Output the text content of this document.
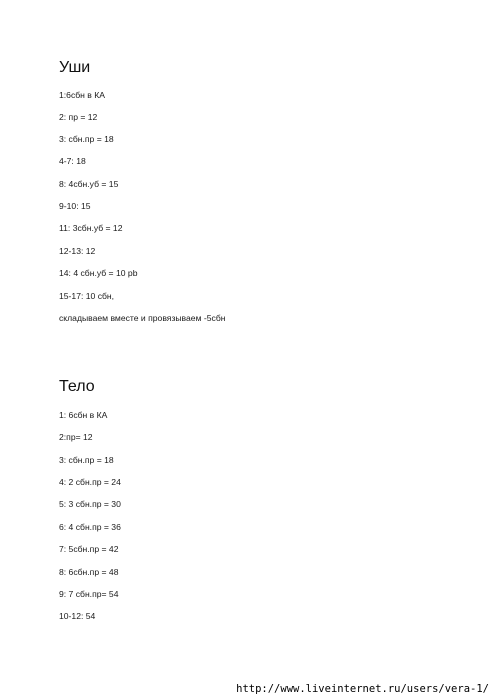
Уши

1:6сбн в КА

2: пр = 12

3: сбн.пр = 18

4-7: 18

8: 4сбн.уб = 15

9-10: 15

11: 3сбн.уб = 12

12-13: 12

14: 4 сбн.уб = 10 pb

15-17: 10 сбн,

складываем вместе и провязываем -5сбн

Тело

1: 6сбн в КА

2:пр= 12

3: сбн.пр = 18

4: 2 сбн.пр = 24

5: 3 сбн.пр = 30

6: 4 сбн.пр = 36

7: 5сбн.пр = 42

8: 6сбн.пр = 48

9: 7 сбн.пр= 54

10-12: 54

http://www.liveinternet.ru/users/vera-1/
